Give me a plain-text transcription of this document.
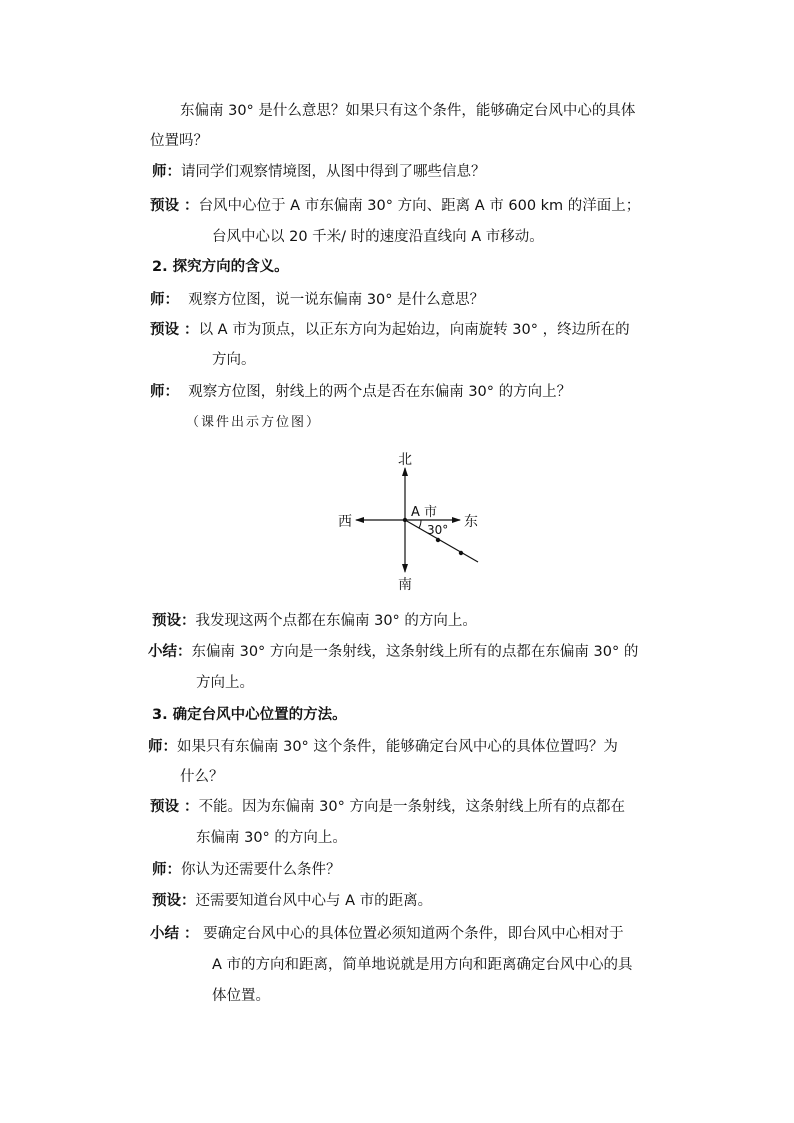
东偏南 30° 是什么意思？如果只有这个条件，能够确定台风中心的具体
位置吗？
师：请同学们观察情境图，从图中得到了哪些信息？
预设 ：台风中心位于 A 市东偏南 30° 方向、距离 A 市 600 km 的洋面上；
台风中心以 20 千米/ 时的速度沿直线向 A 市移动。
2. 探究方向的含义。
师： 观察方位图，说一说东偏南 30° 是什么意思？
预设 ：以 A 市为顶点，以正东方向为起始边，向南旋转 30° ，终边所在的
方向。
师： 观察方位图，射线上的两个点是否在东偏南 30° 的方向上？
（课件出示方位图）
北
南
东
西
A 市
30°
预设：我发现这两个点都在东偏南 30° 的方向上。
小结：东偏南 30° 方向是一条射线，这条射线上所有的点都在东偏南 30° 的
方向上。
3. 确定台风中心位置的方法。
师：如果只有东偏南 30° 这个条件，能够确定台风中心的具体位置吗？为
什么？
预设 ：不能。因为东偏南 30° 方向是一条射线，这条射线上所有的点都在
东偏南 30° 的方向上。
师：你认为还需要什么条件？
预设：还需要知道台风中心与 A 市的距离。
小结 ： 要确定台风中心的具体位置必须知道两个条件，即台风中心相对于
A 市的方向和距离，简单地说就是用方向和距离确定台风中心的具
体位置。
